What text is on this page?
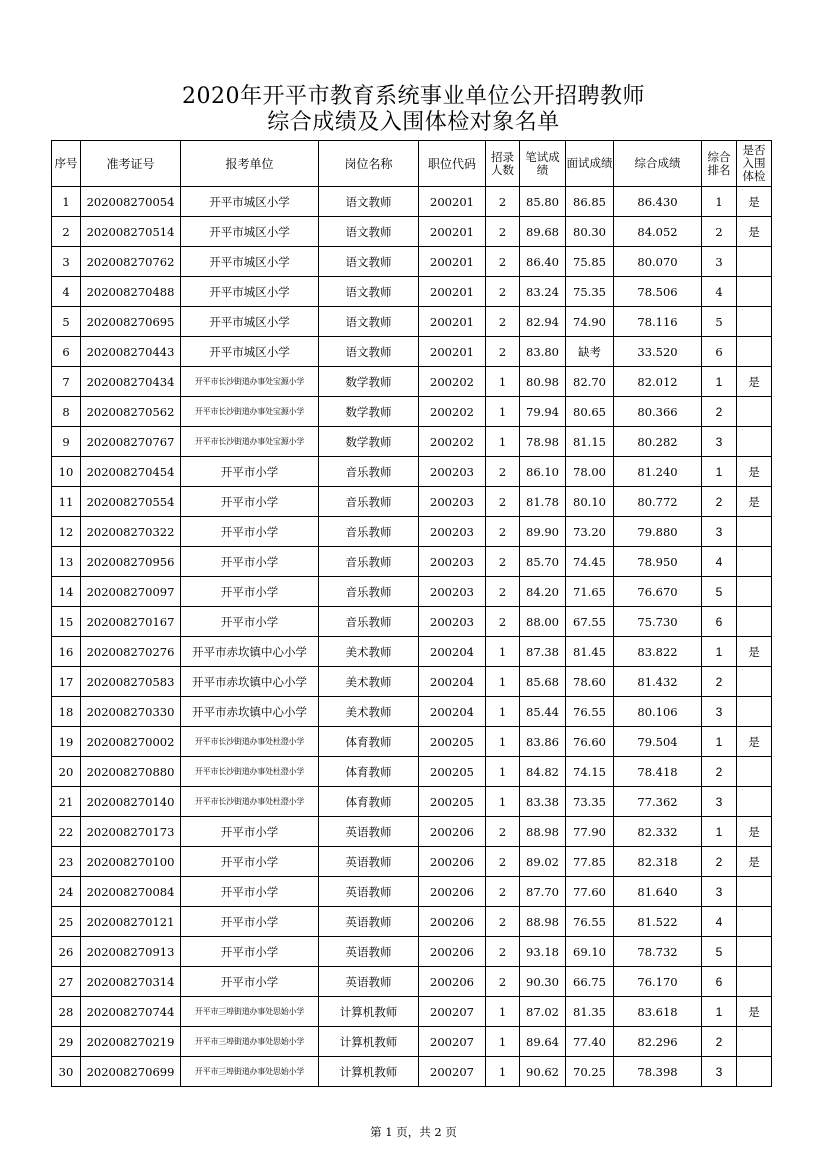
2020年开平市教育系统事业单位公开招聘教师
综合成绩及入围体检对象名单
序号	准考证号	报考单位	岗位名称	职位代码	招录人数	笔试成绩	面试成绩	综合成绩	综合排名	是否入围体检
1	202008270054	开平市城区小学	语文教师	200201	2	85.80	86.85	86.430	1	是
2	202008270514	开平市城区小学	语文教师	200201	2	89.68	80.30	84.052	2	是
3	202008270762	开平市城区小学	语文教师	200201	2	86.40	75.85	80.070	3	
4	202008270488	开平市城区小学	语文教师	200201	2	83.24	75.35	78.506	4	
5	202008270695	开平市城区小学	语文教师	200201	2	82.94	74.90	78.116	5	
6	202008270443	开平市城区小学	语文教师	200201	2	83.80	缺考	33.520	6	
7	202008270434	开平市长沙街道办事处宝源小学	数学教师	200202	1	80.98	82.70	82.012	1	是
8	202008270562	开平市长沙街道办事处宝源小学	数学教师	200202	1	79.94	80.65	80.366	2	
9	202008270767	开平市长沙街道办事处宝源小学	数学教师	200202	1	78.98	81.15	80.282	3	
10	202008270454	开平市小学	音乐教师	200203	2	86.10	78.00	81.240	1	是
11	202008270554	开平市小学	音乐教师	200203	2	81.78	80.10	80.772	2	是
12	202008270322	开平市小学	音乐教师	200203	2	89.90	73.20	79.880	3	
13	202008270956	开平市小学	音乐教师	200203	2	85.70	74.45	78.950	4	
14	202008270097	开平市小学	音乐教师	200203	2	84.20	71.65	76.670	5	
15	202008270167	开平市小学	音乐教师	200203	2	88.00	67.55	75.730	6	
16	202008270276	开平市赤坎镇中心小学	美术教师	200204	1	87.38	81.45	83.822	1	是
17	202008270583	开平市赤坎镇中心小学	美术教师	200204	1	85.68	78.60	81.432	2	
18	202008270330	开平市赤坎镇中心小学	美术教师	200204	1	85.44	76.55	80.106	3	
19	202008270002	开平市长沙街道办事处杜澄小学	体育教师	200205	1	83.86	76.60	79.504	1	是
20	202008270880	开平市长沙街道办事处杜澄小学	体育教师	200205	1	84.82	74.15	78.418	2	
21	202008270140	开平市长沙街道办事处杜澄小学	体育教师	200205	1	83.38	73.35	77.362	3	
22	202008270173	开平市小学	英语教师	200206	2	88.98	77.90	82.332	1	是
23	202008270100	开平市小学	英语教师	200206	2	89.02	77.85	82.318	2	是
24	202008270084	开平市小学	英语教师	200206	2	87.70	77.60	81.640	3	
25	202008270121	开平市小学	英语教师	200206	2	88.98	76.55	81.522	4	
26	202008270913	开平市小学	英语教师	200206	2	93.18	69.10	78.732	5	
27	202008270314	开平市小学	英语教师	200206	2	90.30	66.75	76.170	6	
28	202008270744	开平市三埠街道办事处思始小学	计算机教师	200207	1	87.02	81.35	83.618	1	是
29	202008270219	开平市三埠街道办事处思始小学	计算机教师	200207	1	89.64	77.40	82.296	2	
30	202008270699	开平市三埠街道办事处思始小学	计算机教师	200207	1	90.62	70.25	78.398	3	
第 1 页，共 2 页
